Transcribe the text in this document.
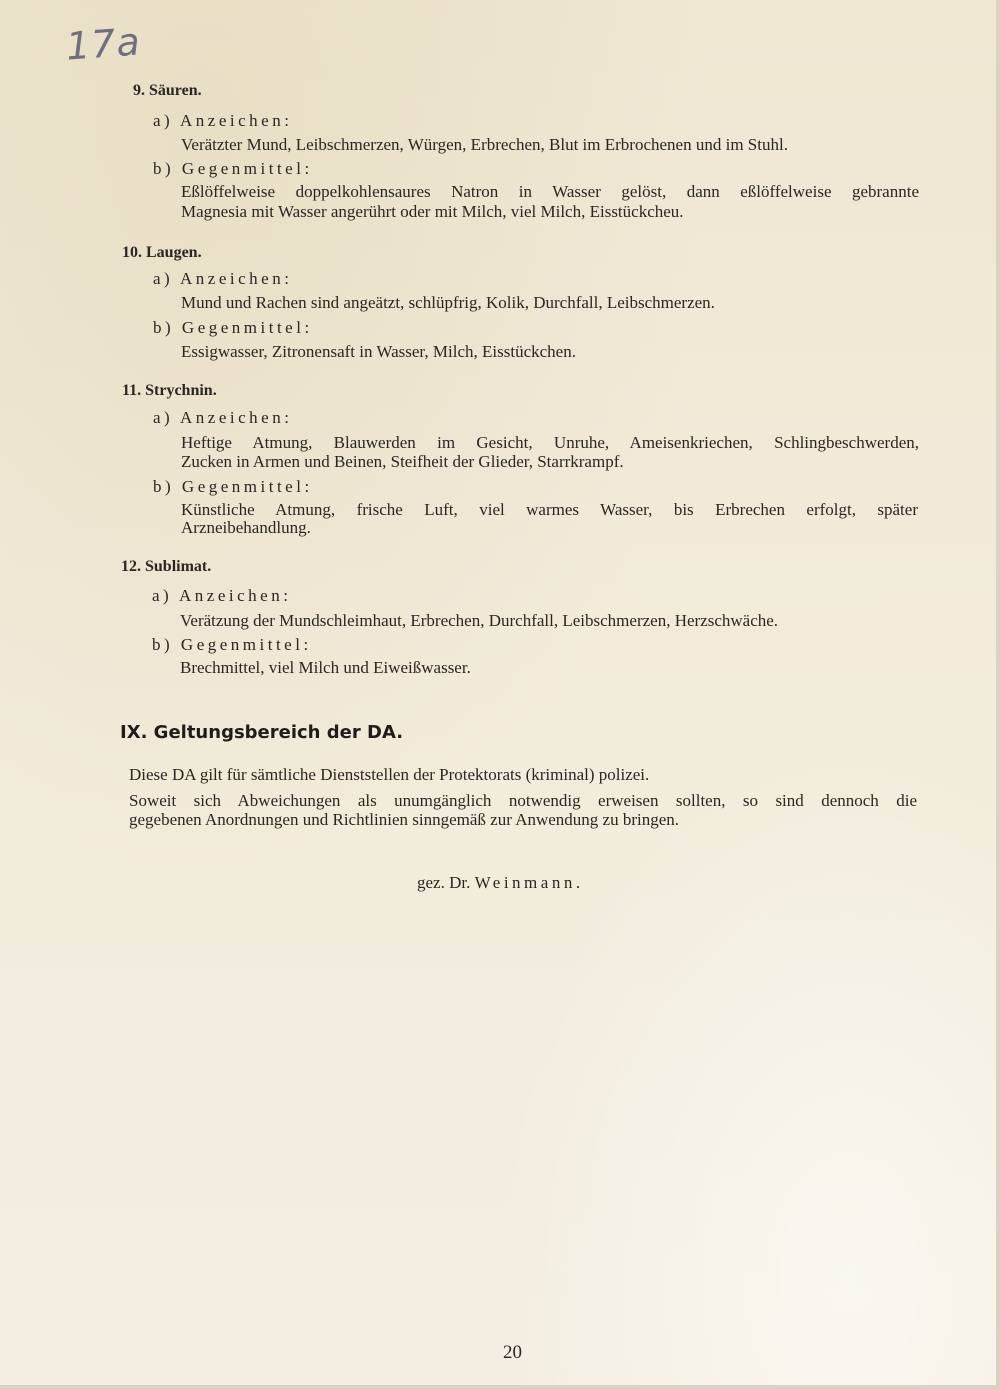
17a
9. Säuren.
a) Anzeichen:
Verätzter Mund, Leibschmerzen, Würgen, Erbrechen, Blut im Erbrochenen und im Stuhl.
b) Gegenmittel:
Eßlöffelweise doppelkohlensaures Natron in Wasser gelöst, dann eßlöffelweise gebrannte
Magnesia mit Wasser angerührt oder mit Milch, viel Milch, Eisstückcheu.
10. Laugen.
a) Anzeichen:
Mund und Rachen sind angeätzt, schlüpfrig, Kolik, Durchfall, Leibschmerzen.
b) Gegenmittel:
Essigwasser, Zitronensaft in Wasser, Milch, Eisstückchen.
11. Strychnin.
a) Anzeichen:
Heftige Atmung, Blauwerden im Gesicht, Unruhe, Ameisenkriechen, Schlingbeschwerden,
Zucken in Armen und Beinen, Steifheit der Glieder, Starrkrampf.
b) Gegenmittel:
Künstliche Atmung, frische Luft, viel warmes Wasser, bis Erbrechen erfolgt, später
Arzneibehandlung.
12. Sublimat.
a) Anzeichen:
Verätzung der Mundschleimhaut, Erbrechen, Durchfall, Leibschmerzen, Herzschwäche.
b) Gegenmittel:
Brechmittel, viel Milch und Eiweißwasser.
IX. Geltungsbereich der DA.
Diese DA gilt für sämtliche Dienststellen der Protektorats (kriminal) polizei.
Soweit sich Abweichungen als unumgänglich notwendig erweisen sollten, so sind dennoch die
gegebenen Anordnungen und Richtlinien sinngemäß zur Anwendung zu bringen.
gez. Dr. Weinmann.
20
